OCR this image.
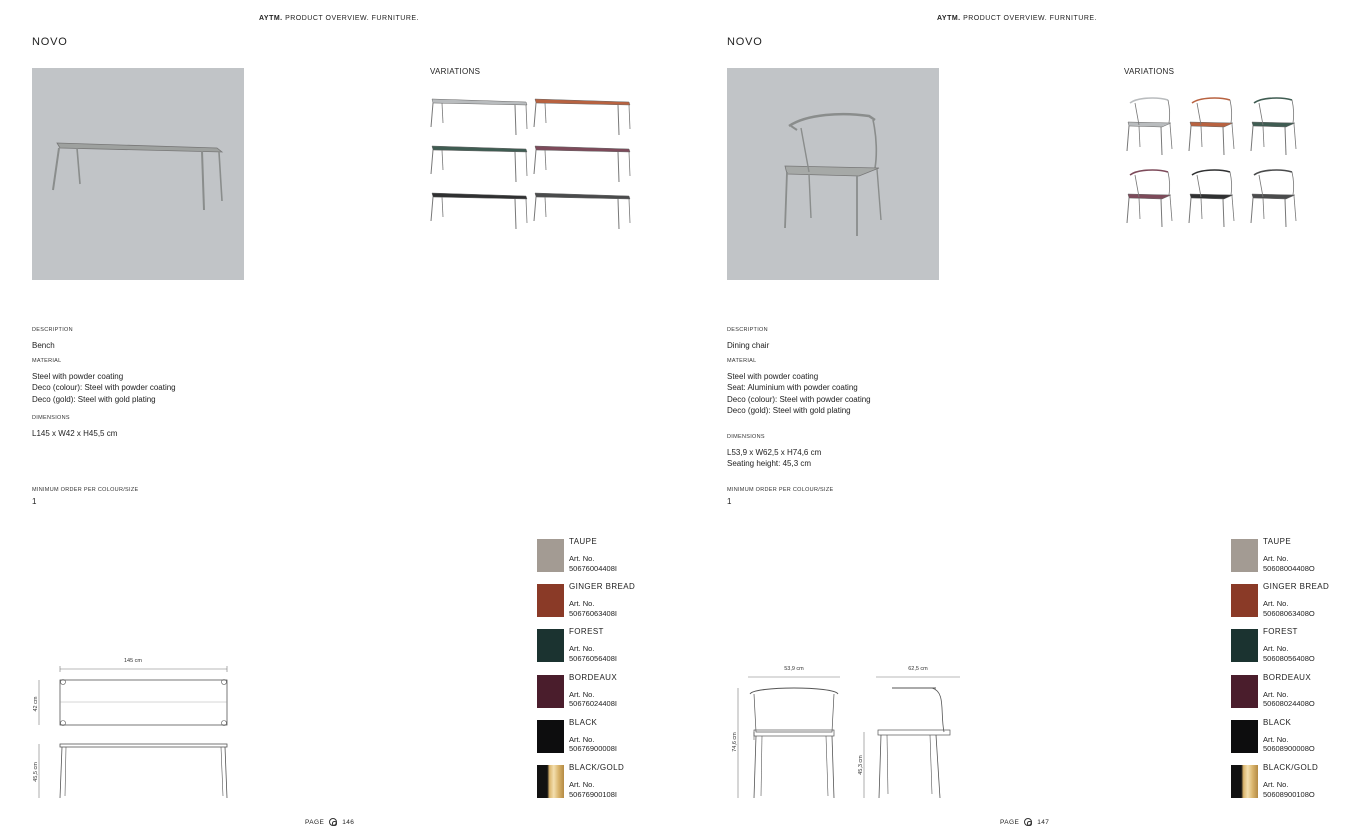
AYTM. PRODUCT OVERVIEW. FURNITURE.
NOVO
VARIATIONS
DESCRIPTION
Bench
MATERIAL
Steel with powder coating
Deco (colour): Steel with powder coating
Deco (gold): Steel with gold plating
DIMENSIONS
L145 x W42 x H45,5 cm
MINIMUM ORDER PER COLOUR/SIZE
1
145 cm
42 cm
45,5 cm
TAUPE
Art. No.
50676004408I
GINGER BREAD
Art. No.
50676063408I
FOREST
Art. No.
50676056408I
BORDEAUX
Art. No.
50676024408I
BLACK
Art. No.
50676900008I
BLACK/GOLD
Art. No.
50676900108I
PAGE	146
AYTM. PRODUCT OVERVIEW. FURNITURE.
NOVO
VARIATIONS
DESCRIPTION
Dining chair
MATERIAL
Steel with powder coating
Seat: Aluminium with powder coating
Deco (colour): Steel with powder coating
Deco (gold): Steel with gold plating
DIMENSIONS
L53,9 x W62,5 x H74,6 cm
Seating height: 45,3 cm
MINIMUM ORDER PER COLOUR/SIZE
1
53,9 cm
74,6 cm
62,5 cm
45,3 cm
TAUPE
Art. No.
50608004408O
GINGER BREAD
Art. No.
50608063408O
FOREST
Art. No.
50608056408O
BORDEAUX
Art. No.
50608024408O
BLACK
Art. No.
50608900008O
BLACK/GOLD
Art. No.
50608900108O
PAGE	147
